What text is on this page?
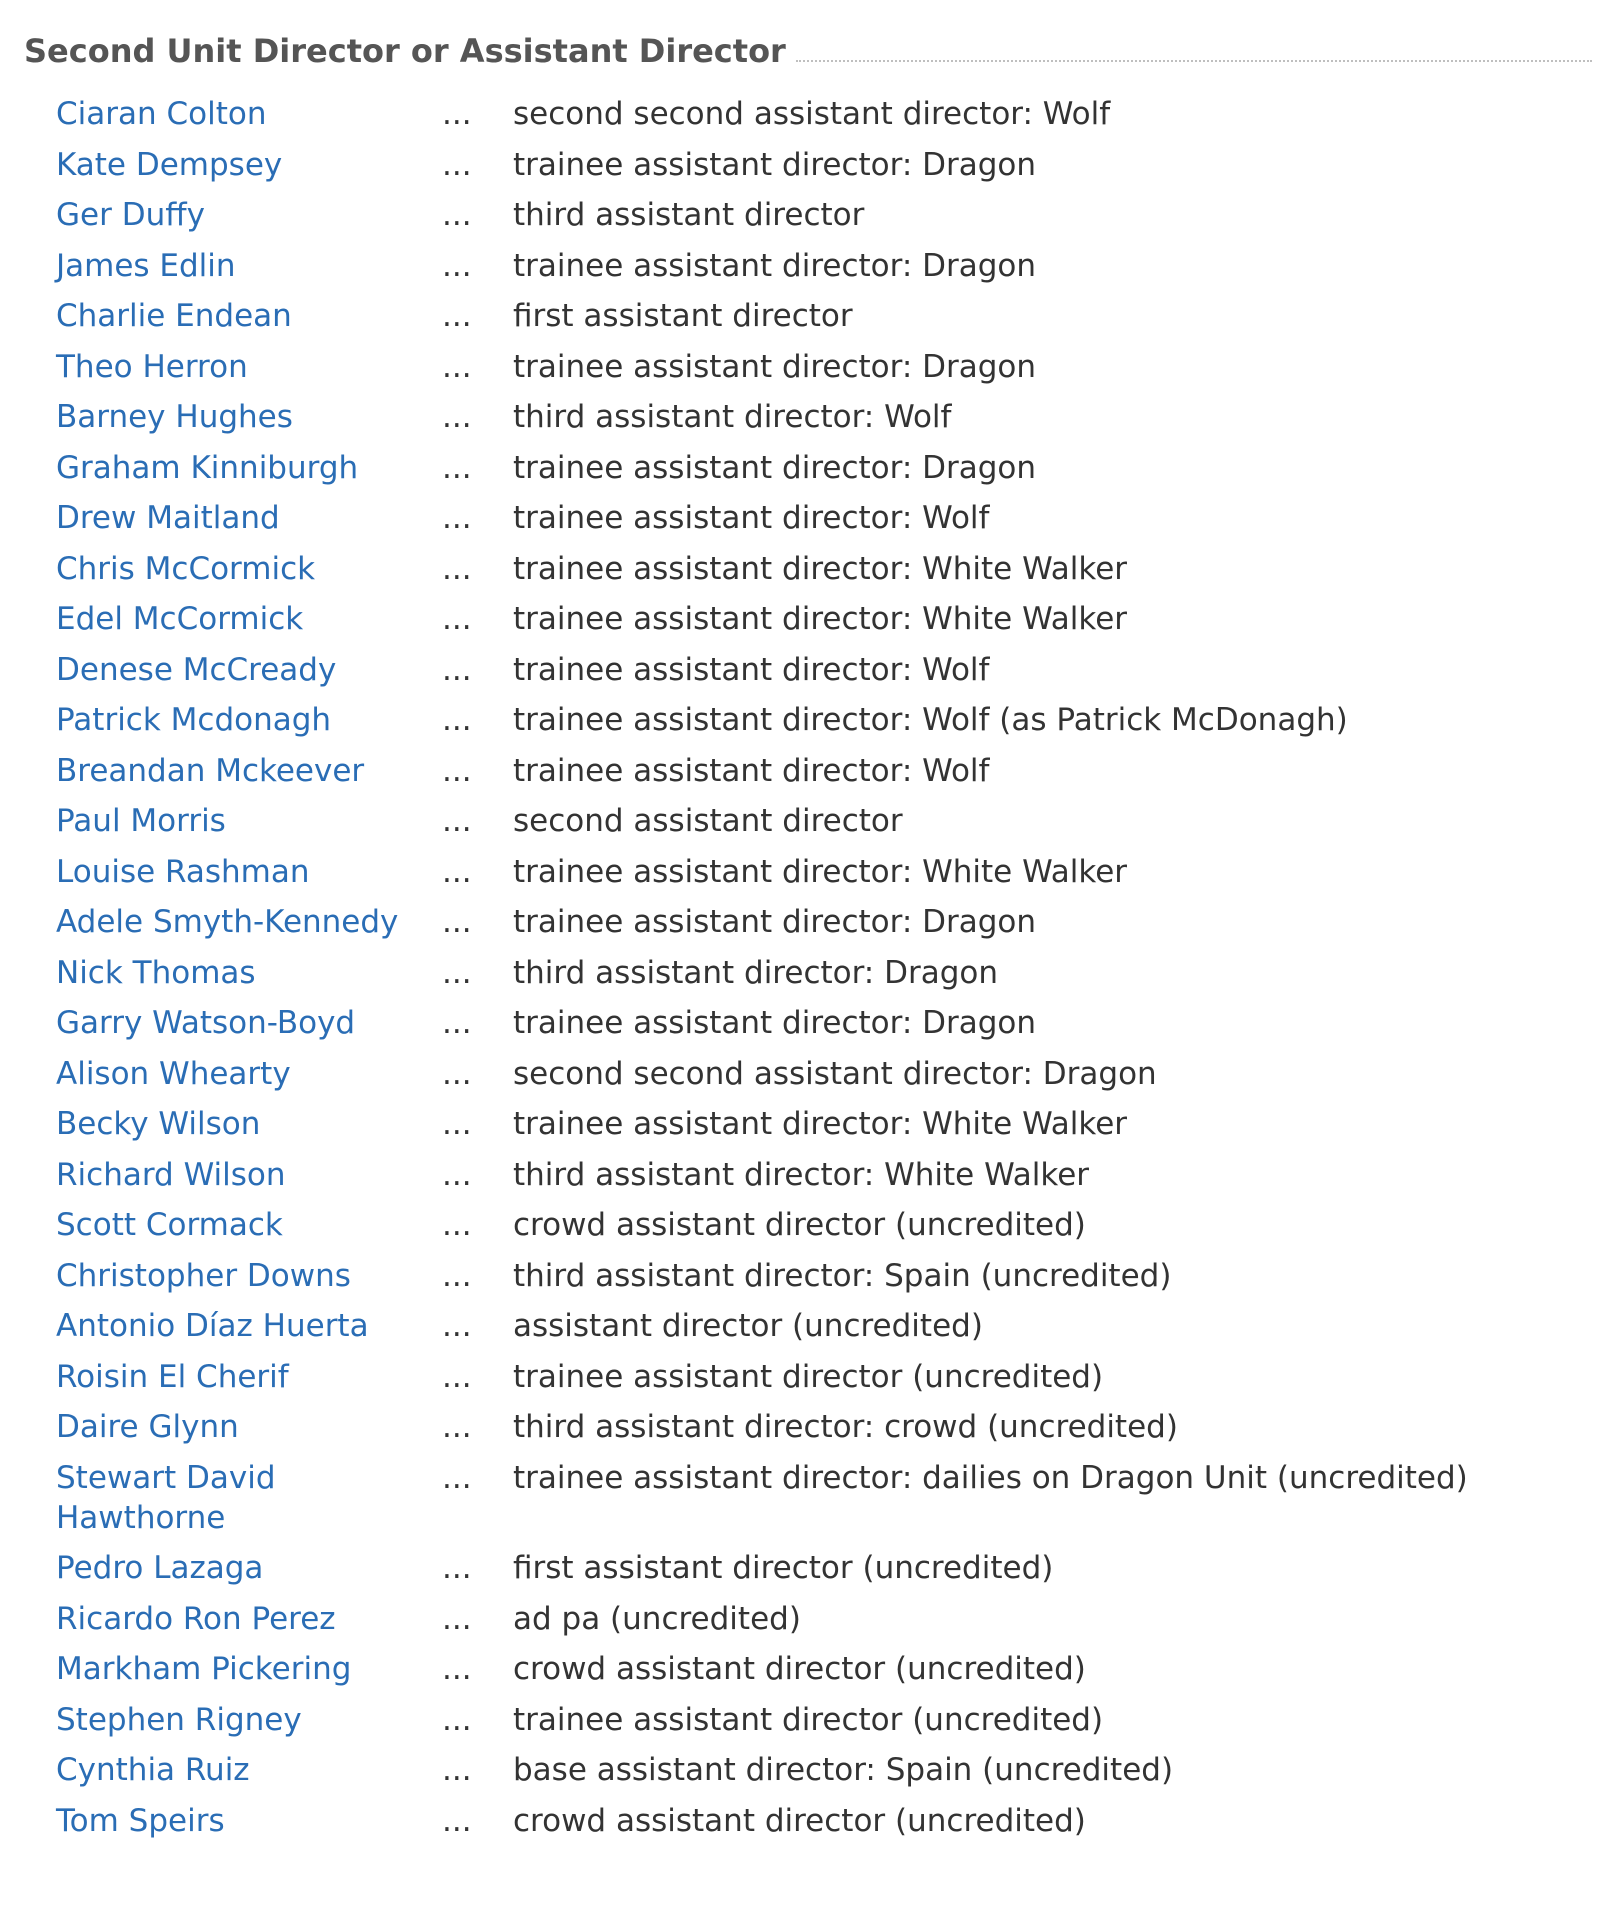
Second Unit Director or Assistant Director
Ciaran Colton	...	second second assistant director: Wolf
Kate Dempsey	...	trainee assistant director: Dragon
Ger Duffy	...	third assistant director
James Edlin	...	trainee assistant director: Dragon
Charlie Endean	...	first assistant director
Theo Herron	...	trainee assistant director: Dragon
Barney Hughes	...	third assistant director: Wolf
Graham Kinniburgh	...	trainee assistant director: Dragon
Drew Maitland	...	trainee assistant director: Wolf
Chris McCormick	...	trainee assistant director: White Walker
Edel McCormick	...	trainee assistant director: White Walker
Denese McCready	...	trainee assistant director: Wolf
Patrick Mcdonagh	...	trainee assistant director: Wolf (as Patrick McDonagh)
Breandan Mckeever	...	trainee assistant director: Wolf
Paul Morris	...	second assistant director
Louise Rashman	...	trainee assistant director: White Walker
Adele Smyth-Kennedy	...	trainee assistant director: Dragon
Nick Thomas	...	third assistant director: Dragon
Garry Watson-Boyd	...	trainee assistant director: Dragon
Alison Whearty	...	second second assistant director: Dragon
Becky Wilson	...	trainee assistant director: White Walker
Richard Wilson	...	third assistant director: White Walker
Scott Cormack	...	crowd assistant director (uncredited)
Christopher Downs	...	third assistant director: Spain (uncredited)
Antonio Díaz Huerta	...	assistant director (uncredited)
Roisin El Cherif	...	trainee assistant director (uncredited)
Daire Glynn	...	third assistant director: crowd (uncredited)
Stewart David Hawthorne	...	trainee assistant director: dailies on Dragon Unit (uncredited)
Pedro Lazaga	...	first assistant director (uncredited)
Ricardo Ron Perez	...	ad pa (uncredited)
Markham Pickering	...	crowd assistant director (uncredited)
Stephen Rigney	...	trainee assistant director (uncredited)
Cynthia Ruiz	...	base assistant director: Spain (uncredited)
Tom Speirs	...	crowd assistant director (uncredited)
